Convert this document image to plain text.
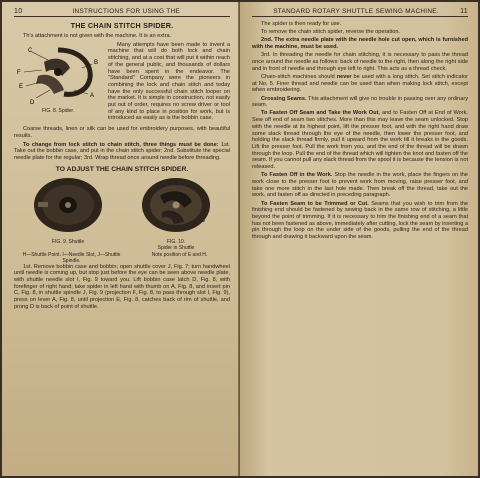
10	INSTRUCTIONS FOR USING THE
THE CHAIN STITCH SPIDER.

Th's attachment is not given with the machine. It is an extra.

C
F
E
B
A
D
FIG. 8. Spider.

Many attempts have been made to invent a machine that will do both lock and chain stitching, and at a cost that will put it within reach of the general public, and thousands of dollars have been spent in the endeavor. The "Standard" Company were the pioneers in combining the lock and chain stitch and today have the only successful chain stitch looper on the market. It is simple in construction, not easily put out of order, requires no screw driver or tool of any kind to place in position for work, but is introduced as easily as is the bobbin case.

Coarse threads, linen or silk can be used for embroidery purposes, with beautiful results.

To change from lock stitch to chain stitch, three things must be done: 1st. Take out the bobbin case, and put in the chain stitch spider; 2nd. Substitute the special needle plate for the regular; 3rd. Wrap thread once around needle before threading.

TO ADJUST THE CHAIN STITCH SPIDER.
FIG. 9. Shuttle
H
J
FIG. 10.
Spider in Shuttle
H—Shuttle Point. I—Needle Slot, J—Shuttle Spindle.
Note position of E and H.

1st. Remove bobbin case and bobbin; open shuttle cover J, Fig. 7; turn handwheel until needle is coming up, but stop just before the eye can be seen above needle plate, with shuttle needle slot I, Fig. 9 toward you. Lift bobbin case latch D, Fig. 8, with forefinger of right hand; take spider in left hand with thumb on A, Fig. 8, and insert pin C, Fig. 8, in shuttle spindle J, Fig. 9 (projection F, Fig. 8, to pass through slot I, Fig. 9), press on lever A, Fig. 8, until projection E, Fig. 8, catches back of rim of shuttle, and prong D is back of point of shuttle.

STANDARD ROTARY SHUTTLE SEWING MACHINE.	11

The spider is then ready for use.

To remove the chain stitch spider, reverse the operation.

2nd. The extra needle plate with the needle hole cut open, which is furnished with the machine, must be used.

3rd. In threading the needle for chain stitching, it is necessary to pass the thread once around the needle as follows: back of needle to the right, then along the right side and in front of needle and through eye left to right. This acts as a thread check.

Chain-stitch machines should never be used with a long stitch. Set stitch indicator at No. 5. Finer thread and needle can be used than when making lock stitch, except when embroidering.

Crossing Seams. This attachment will give no trouble in passing over any ordinary seam.

To Fasten Off Seam and Take the Work Out, and to Fasten Off at End of Work. Sew off end of seam two stitches. More than this may leave the seam unlocked. Stop with the needle at its highest point, lift the presser foot, and with the right hand draw some slack thread through the eye of the needle, then lower the presser foot, and holding the slack thread firmly, pull it upward from the work till it breaks in the goods. Lift the presser foot. Pull the work from you, and the end of the thread will be drawn through the loop. Pull the end of the thread which will tighten the knot and fasten off the seam. If you cannot pull any slack thread from the spool it is because the tension is not released.

To Fasten Off in the Work. Stop the needle in the work, place the fingers on the work close to the presser foot to prevent work from moving, raise presser foot, and take one more stitch in the last hole made. Then break off the thread, take out the work, and fasten off as directed in preceding paragraph.

To Fasten Seam to be Trimmed or Cut. Seams that you wish to trim from the finishing end should be fastened by sewing back in the same row of stitching, a little beyond the point of trimming. If it is necessary to trim the finishing end of a seam that has not been fastened as above, immediately after cutting, lock the seam by inserting a pin through the loop on the under side of the goods, pulling the end of the thread through and drawing it backward upon the seam.
